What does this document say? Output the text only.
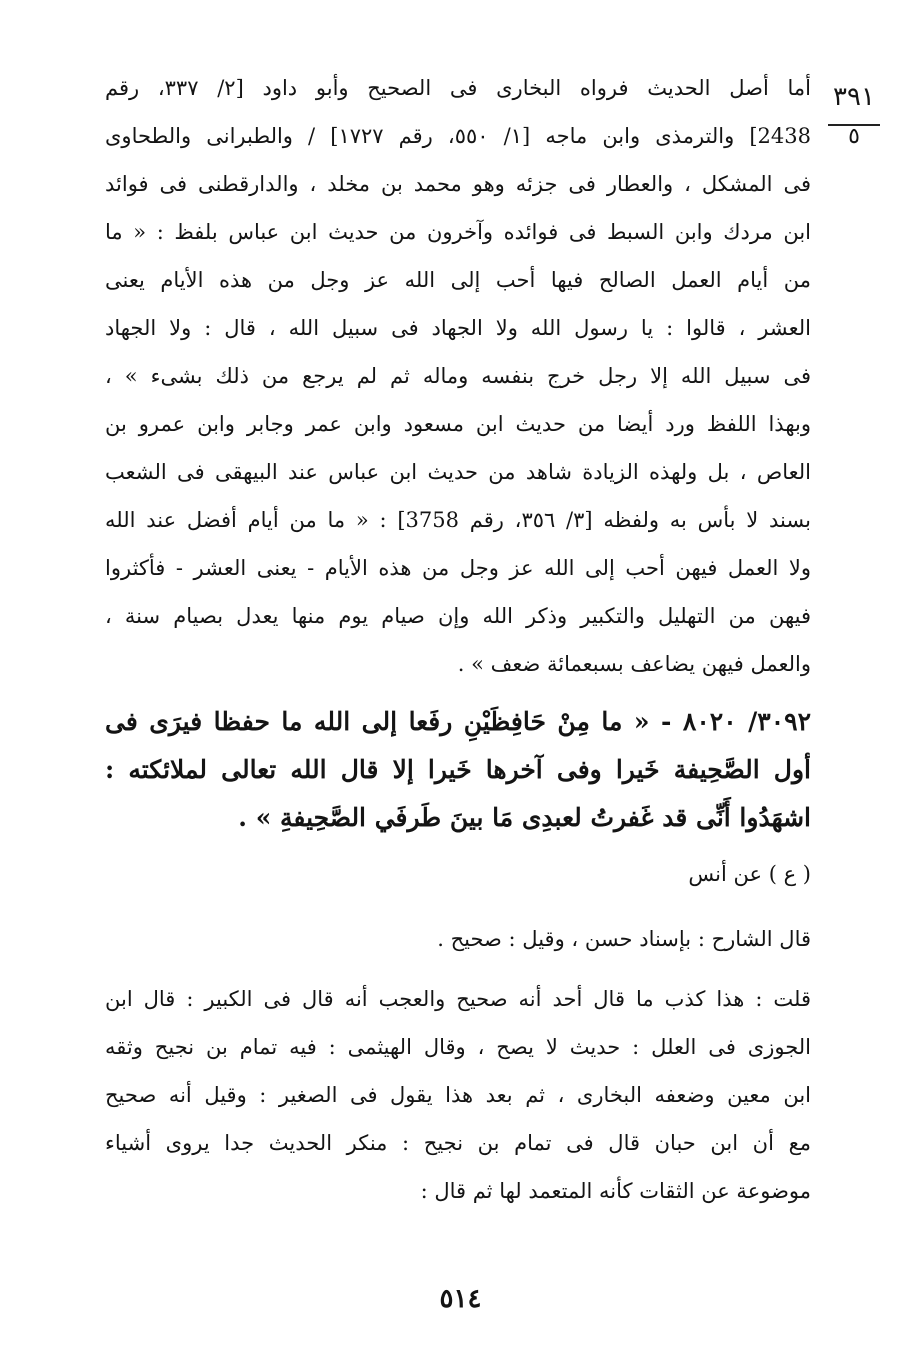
٣٩١
٥
أما أصل الحديث فرواه البخارى فى الصحيح وأبو داود [٢/ ٣٣٧، رقم
2438] والترمذى وابن ماجه [١/ ٥٥٠، رقم ١٧٢٧] / والطبرانى والطحاوى
فى المشكل ، والعطار فى جزئه وهو محمد بن مخلد ، والدارقطنى فى فوائد
ابن مردك وابن السبط فى فوائده وآخرون من حديث ابن عباس بلفظ : « ما
من أيام العمل الصالح فيها أحب إلى الله عز وجل من هذه الأيام يعنى
العشر ، قالوا : يا رسول الله ولا الجهاد فى سبيل الله ، قال : ولا الجهاد
فى سبيل الله إلا رجل خرج بنفسه وماله ثم لم يرجع من ذلك بشىء » ،
وبهذا اللفظ ورد أيضا من حديث ابن مسعود وابن عمر وجابر وابن عمرو بن
العاص ، بل ولهذه الزيادة شاهد من حديث ابن عباس عند البيهقى فى الشعب
بسند لا بأس به ولفظه [٣/ ٣٥٦، رقم 3758] : « ما من أيام أفضل عند الله
ولا العمل فيهن أحب إلى الله عز وجل من هذه الأيام - يعنى العشر - فأكثروا
فيهن من التهليل والتكبير وذكر الله وإن صيام يوم منها يعدل بصيام سنة ،
والعمل فيهن يضاعف بسبعمائة ضعف » .
٣٠٩٢/ ٨٠٢٠ - « ما مِنْ حَافِظَيْنِ رفَعا إلى الله ما حفظا فيرَى فى
أول الصَّحِيفة خَيرا وفى آخرها خَيرا إلا قال الله تعالى لملائكته :
اشهَدُوا أَنِّى قد غَفرتُ لعبدِى مَا بينَ طَرفَي الصَّحِيفةِ » .
( ع ) عن أنس
قال الشارح : بإسناد حسن ، وقيل : صحيح .
قلت : هذا كذب ما قال أحد أنه صحيح والعجب أنه قال فى الكبير : قال ابن
الجوزى فى العلل : حديث لا يصح ، وقال الهيثمى : فيه تمام بن نجيح وثقه
ابن معين وضعفه البخارى ، ثم بعد هذا يقول فى الصغير : وقيل أنه صحيح
مع أن ابن حبان قال فى تمام بن نجيح : منكر الحديث جدا يروى أشياء
موضوعة عن الثقات كأنه المتعمد لها ثم قال :
٥١٤
